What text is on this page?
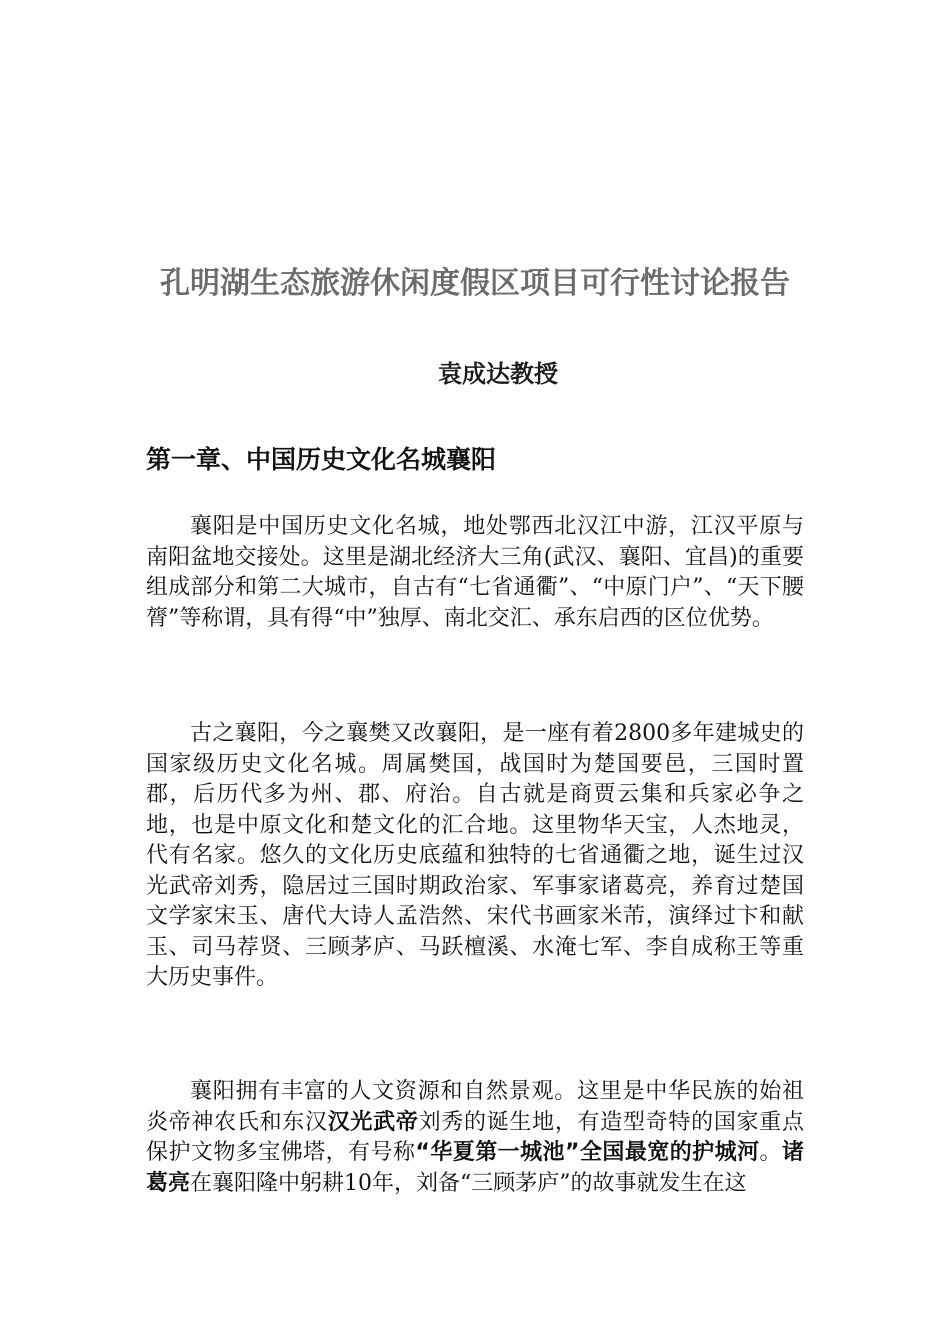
孔明湖生态旅游休闲度假区项目可行性讨论报告
袁成达教授
第一章、中国历史文化名城襄阳

襄阳是中国历史文化名城，地处鄂西北汉江中游，江汉平原与南阳盆地交接处。这里是湖北经济大三角(武汉、襄阳、宜昌)的重要组成部分和第二大城市，自古有“七省通衢”、“中原门户”、“天下腰膂”等称谓，具有得“中”独厚、南北交汇、承东启西的区位优势。

古之襄阳，今之襄樊又改襄阳，是一座有着2800多年建城史的国家级历史文化名城。周属樊国，战国时为楚国要邑，三国时置郡，后历代多为州、郡、府治。自古就是商贾云集和兵家必争之地，也是中原文化和楚文化的汇合地。这里物华天宝，人杰地灵，代有名家。悠久的文化历史底蕴和独特的七省通衢之地，诞生过汉光武帝刘秀，隐居过三国时期政治家、军事家诸葛亮，养育过楚国文学家宋玉、唐代大诗人孟浩然、宋代书画家米芾，演绎过卞和献玉、司马荐贤、三顾茅庐、马跃檀溪、水淹七军、李自成称王等重大历史事件。

襄阳拥有丰富的人文资源和自然景观。这里是中华民族的始祖炎帝神农氏和东汉汉光武帝刘秀的诞生地，有造型奇特的国家重点保护文物多宝佛塔，有号称“华夏第一城池”全国最宽的护城河。诸葛亮在襄阳隆中躬耕10年，刘备“三顾茅庐”的故事就发生在这
